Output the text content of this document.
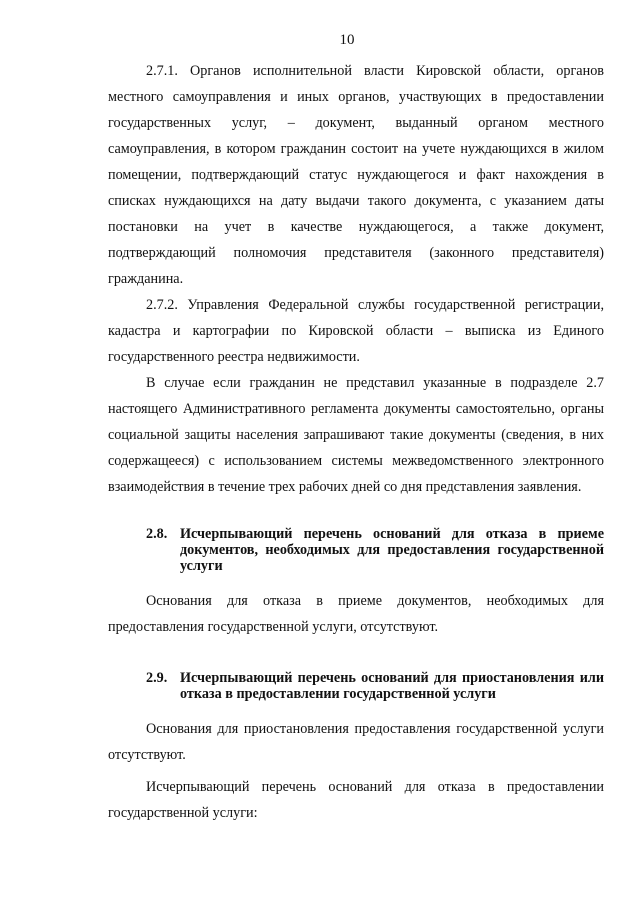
10

2.7.1. Органов исполнительной власти Кировской области, органов местного самоуправления и иных органов, участвующих в предоставлении государственных услуг, – документ, выданный органом местного самоуправления, в котором гражданин состоит на учете нуждающихся в жилом помещении, подтверждающий статус нуждающегося и факт нахождения в списках нуждающихся на дату выдачи такого документа, с указанием даты постановки на учет в качестве нуждающегося, а также документ, подтверждающий полномочия представителя (законного представителя) гражданина.

2.7.2. Управления Федеральной службы государственной регистрации, кадастра и картографии по Кировской области – выписка из Единого государственного реестра недвижимости.

В случае если гражданин не представил указанные в подразделе 2.7 настоящего Административного регламента документы самостоятельно, органы социальной защиты населения запрашивают такие документы (сведения, в них содержащееся) с использованием системы межведомственного электронного взаимодействия в течение трех рабочих дней со дня представления заявления.

2.8. Исчерпывающий перечень оснований для отказа в приеме документов, необходимых для предоставления государственной услуги

Основания для отказа в приеме документов, необходимых для предоставления государственной услуги, отсутствуют.

2.9. Исчерпывающий перечень оснований для приостановления или отказа в предоставлении государственной услуги

Основания для приостановления предоставления государственной услуги отсутствуют.

Исчерпывающий перечень оснований для отказа в предоставлении государственной услуги:
